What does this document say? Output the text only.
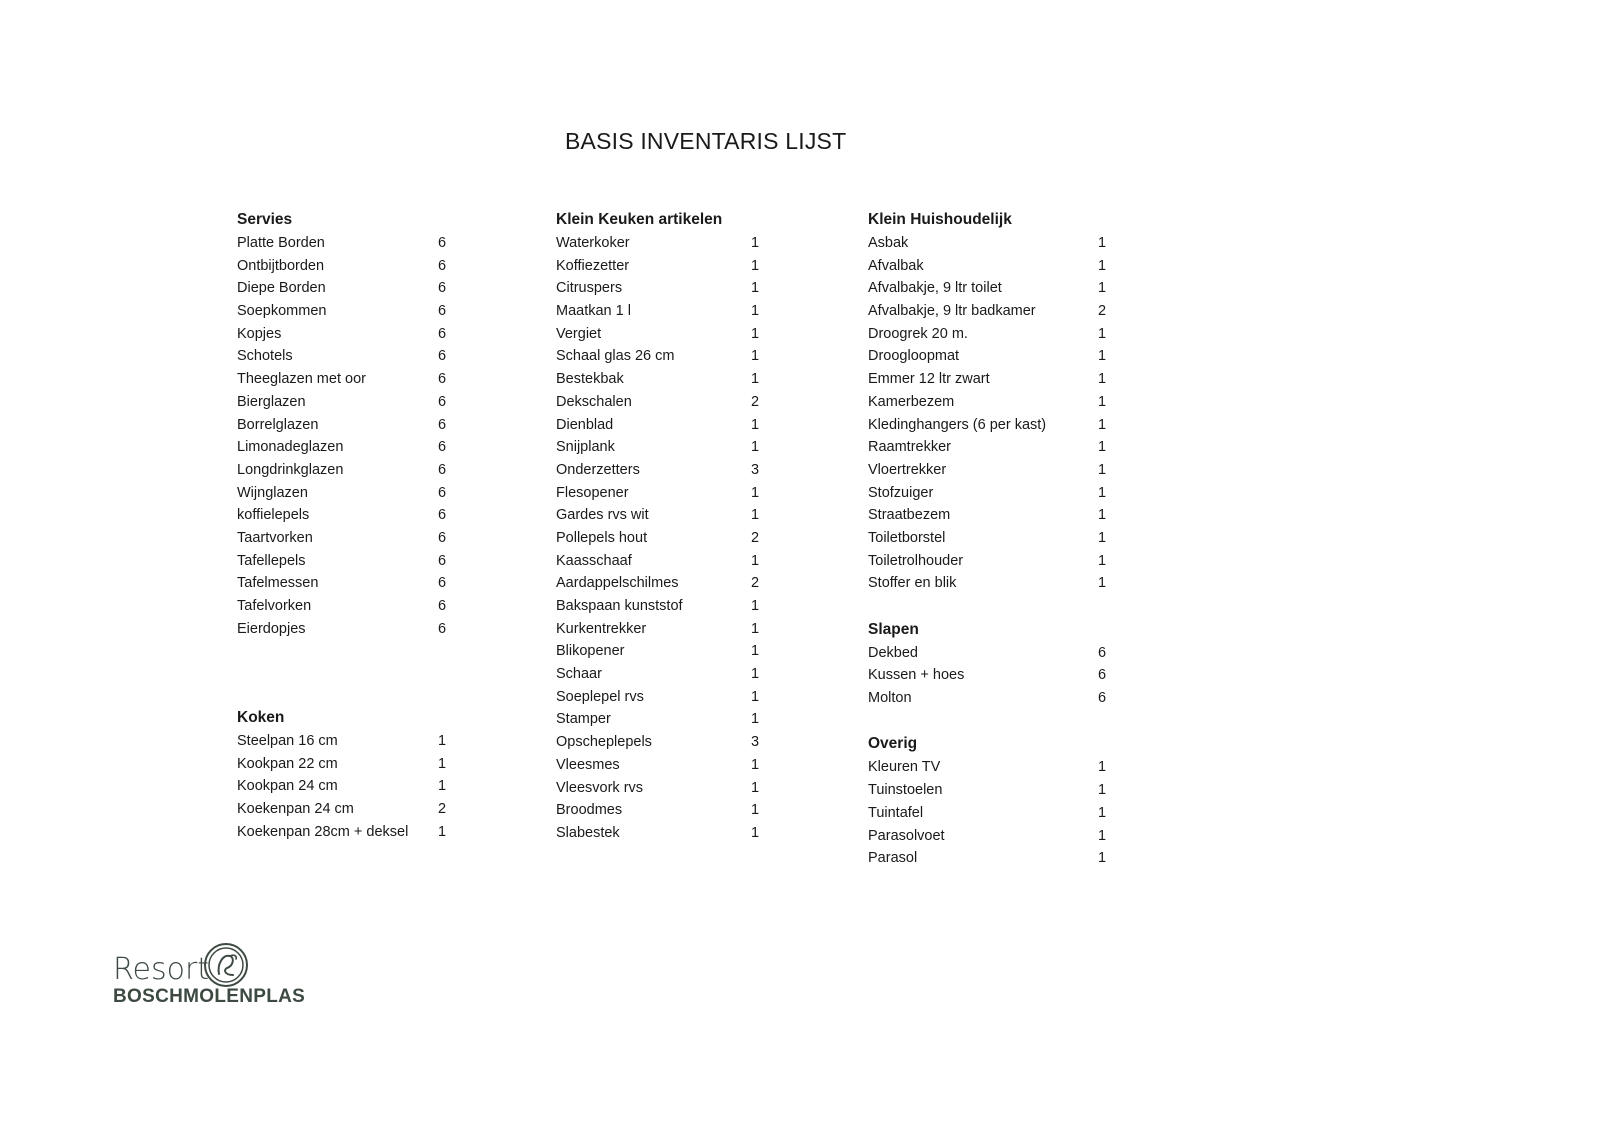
BASIS INVENTARIS LIJST
Servies
Platte Borden	6
Ontbijtborden	6
Diepe Borden	6
Soepkommen	6
Kopjes	6
Schotels	6
Theeglazen met oor	6
Bierglazen	6
Borrelglazen	6
Limonadeglazen	6
Longdrinkglazen	6
Wijnglazen	6
koffielepels	6
Taartvorken	6
Tafellepels	6
Tafelmessen	6
Tafelvorken	6
Eierdopjes	6
Koken
Steelpan 16 cm	1
Kookpan 22 cm	1
Kookpan 24 cm	1
Koekenpan 24 cm	2
Koekenpan 28cm + deksel 1
Klein Keuken artikelen
Waterkoker	1
Koffiezetter	1
Citruspers	1
Maatkan 1 l	1
Vergiet	1
Schaal glas 26 cm	1
Bestekbak	1
Dekschalen	2
Dienblad	1
Snijplank	1
Onderzetters	3
Flesopener	1
Gardes rvs wit	1
Pollepels hout	2
Kaasschaaf	1
Aardappelschilmes	2
Bakspaan kunststof	1
Kurkentrekker	1
Blikopener	1
Schaar	1
Soeplepel rvs	1
Stamper	1
Opscheplepels	3
Vleesmes	1
Vleesvork rvs	1
Broodmes	1
Slabestek	1
Klein Huishoudelijk
Asbak	1
Afvalbak	1
Afvalbakje, 9 ltr toilet	1
Afvalbakje, 9 ltr badkamer	2
Droogrek 20 m.	1
Droogloopmat	1
Emmer 12 ltr zwart	1
Kamerbezem	1
Kledinghangers (6 per kast)	1
Raamtrekker	1
Vloertrekker	1
Stofzuiger	1
Straatbezem	1
Toiletborstel	1
Toiletrolhouder	1
Stoffer en blik	1
Slapen
Dekbed	6
Kussen + hoes	6
Molton	6
Overig
Kleuren TV	1
Tuinstoelen	1
Tuintafel	1
Parasolvoet	1
Parasol	1
Resort
BOSCHMOLENPLAS
